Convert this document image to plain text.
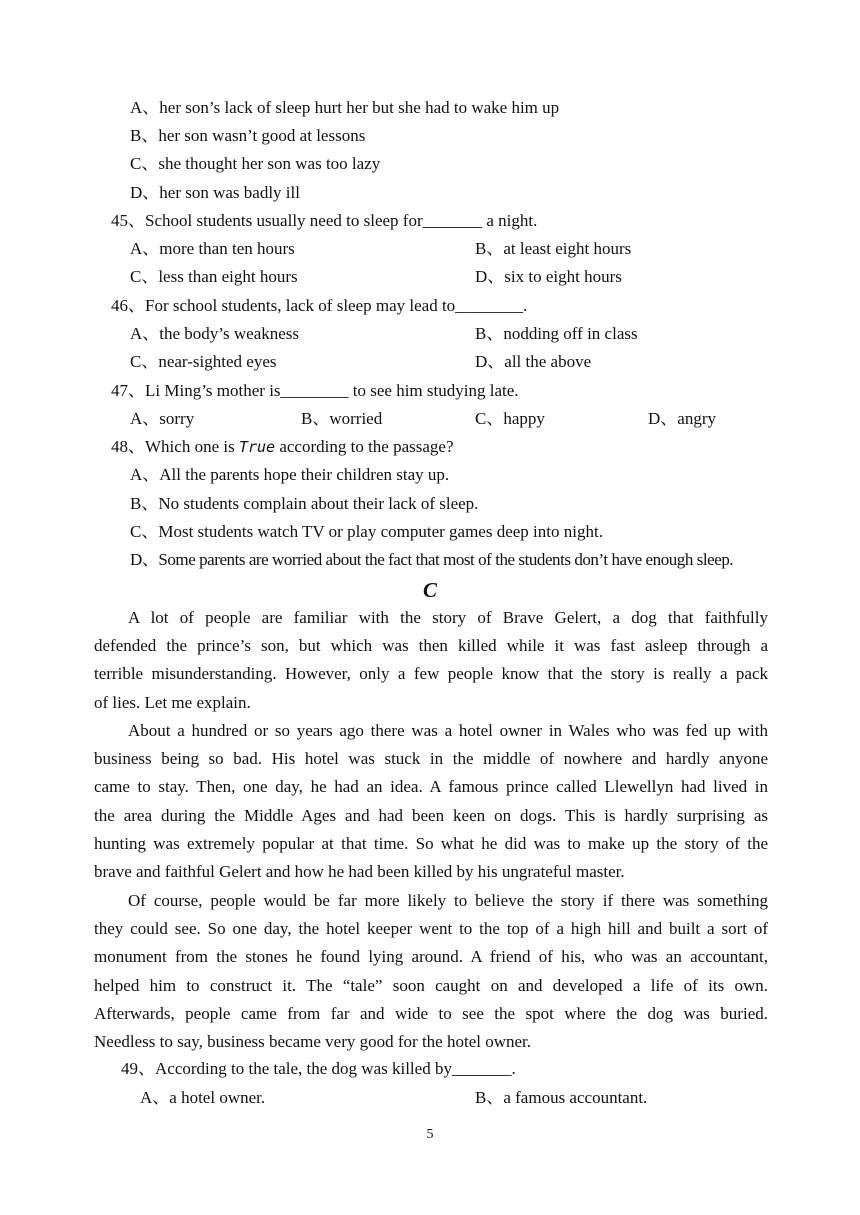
A、her son’s lack of sleep hurt her but she had to wake him up
B、her son wasn’t good at lessons
C、she thought her son was too lazy
D、her son was badly ill
45、School students usually need to sleep for_______ a night.
A、more than ten hours	B、at least eight hours
C、less than eight hours	D、six to eight hours
46、For school students, lack of sleep may lead to________.
A、the body’s weakness	B、nodding off in class
C、near-sighted eyes	D、all the above
47、Li Ming’s mother is________ to see him studying late.
A、sorry	B、worried	C、happy	D、angry
48、Which one is True according to the passage?
A、All the parents hope their children stay up.
B、No students complain about their lack of sleep.
C、Most students watch TV or play computer games deep into night.
D、Some parents are worried about the fact that most of the students don’t have enough sleep.
C
A lot of people are familiar with the story of Brave Gelert, a dog that faithfully
defended the prince’s son, but which was then killed while it was fast asleep through a
terrible misunderstanding. However, only a few people know that the story is really a pack
of lies. Let me explain.
About a hundred or so years ago there was a hotel owner in Wales who was fed up with
business being so bad. His hotel was stuck in the middle of nowhere and hardly anyone
came to stay. Then, one day, he had an idea. A famous prince called Llewellyn had lived in
the area during the Middle Ages and had been keen on dogs. This is hardly surprising as
hunting was extremely popular at that time. So what he did was to make up the story of the
brave and faithful Gelert and how he had been killed by his ungrateful master.
Of course, people would be far more likely to believe the story if there was something
they could see. So one day, the hotel keeper went to the top of a high hill and built a sort of
monument from the stones he found lying around. A friend of his, who was an accountant,
helped him to construct it. The “tale” soon caught on and developed a life of its own.
Afterwards, people came from far and wide to see the spot where the dog was buried.
Needless to say, business became very good for the hotel owner.
49、According to the tale, the dog was killed by_______.
A、a hotel owner.	B、a famous accountant.
5
